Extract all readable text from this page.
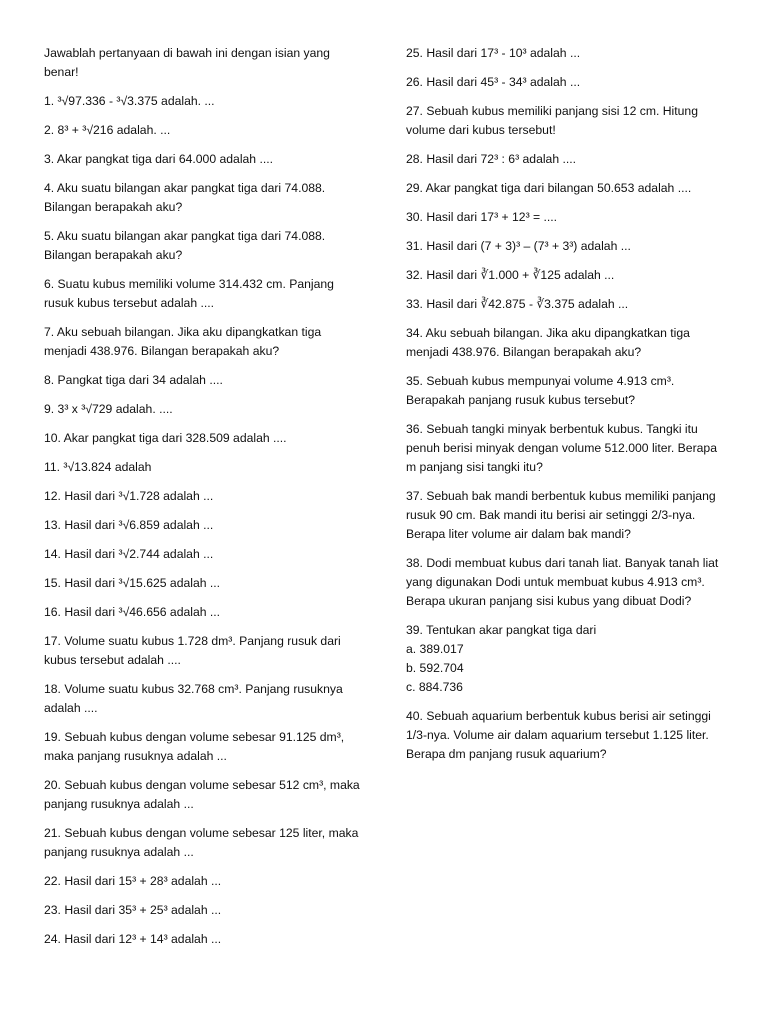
Jawablah pertanyaan di bawah ini dengan isian yang benar!

1. ³√97.336 - ³√3.375 adalah. ...

2. 8³ + ³√216 adalah. ...

3. Akar pangkat tiga dari 64.000 adalah ....

4. Aku suatu bilangan akar pangkat tiga dari 74.088. Bilangan berapakah aku?

5. Aku suatu bilangan akar pangkat tiga dari 74.088. Bilangan berapakah aku?

6. Suatu kubus memiliki volume 314.432 cm. Panjang rusuk kubus tersebut adalah ....

7. Aku sebuah bilangan. Jika aku dipangkatkan tiga menjadi 438.976. Bilangan berapakah aku?

8. Pangkat tiga dari 34 adalah ....

9. 3³ x ³√729 adalah. ....

10. Akar pangkat tiga dari 328.509 adalah ....

11. ³√13.824 adalah

12. Hasil dari ³√1.728 adalah ...

13. Hasil dari ³√6.859 adalah ...

14. Hasil dari ³√2.744 adalah ...

15. Hasil dari ³√15.625 adalah ...

16. Hasil dari ³√46.656 adalah ...

17. Volume suatu kubus 1.728 dm³. Panjang rusuk dari kubus tersebut adalah ....

18. Volume suatu kubus 32.768 cm³. Panjang rusuknya adalah ....

19. Sebuah kubus dengan volume sebesar 91.125 dm³, maka panjang rusuknya adalah ...

20. Sebuah kubus dengan volume sebesar 512 cm³, maka panjang rusuknya adalah ...

21. Sebuah kubus dengan volume sebesar 125 liter, maka panjang rusuknya adalah ...

22. Hasil dari 15³ + 28³ adalah ...

23. Hasil dari 35³ + 25³ adalah ...

24. Hasil dari 12³ + 14³ adalah ...

25. Hasil dari 17³ - 10³ adalah ...

26. Hasil dari 45³ - 34³ adalah ...

27. Sebuah kubus memiliki panjang sisi 12 cm. Hitung volume dari kubus tersebut!

28. Hasil dari 72³ : 6³ adalah ....

29. Akar pangkat tiga dari bilangan 50.653 adalah ....

30. Hasil dari 17³ + 12³ = ....

31. Hasil dari (7 + 3)³ – (7³ + 3³) adalah ...

32. Hasil dari ∛1.000 + ∛125 adalah ...

33. Hasil dari ∛42.875 - ∛3.375 adalah ...

34. Aku sebuah bilangan. Jika aku dipangkatkan tiga menjadi 438.976. Bilangan berapakah aku?

35. Sebuah kubus mempunyai volume 4.913 cm³. Berapakah panjang rusuk kubus tersebut?

36. Sebuah tangki minyak berbentuk kubus. Tangki itu penuh berisi minyak dengan volume 512.000 liter. Berapa m panjang sisi tangki itu?

37. Sebuah bak mandi berbentuk kubus memiliki panjang rusuk 90 cm. Bak mandi itu berisi air setinggi 2/3-nya. Berapa liter volume air dalam bak mandi?

38. Dodi membuat kubus dari tanah liat. Banyak tanah liat yang digunakan Dodi untuk membuat kubus 4.913 cm³. Berapa ukuran panjang sisi kubus yang dibuat Dodi?

39. Tentukan akar pangkat tiga dari

a. 389.017

b. 592.704

c. 884.736

40. Sebuah aquarium berbentuk kubus berisi air setinggi 1/3-nya. Volume air dalam aquarium tersebut 1.125 liter. Berapa dm panjang rusuk aquarium?
